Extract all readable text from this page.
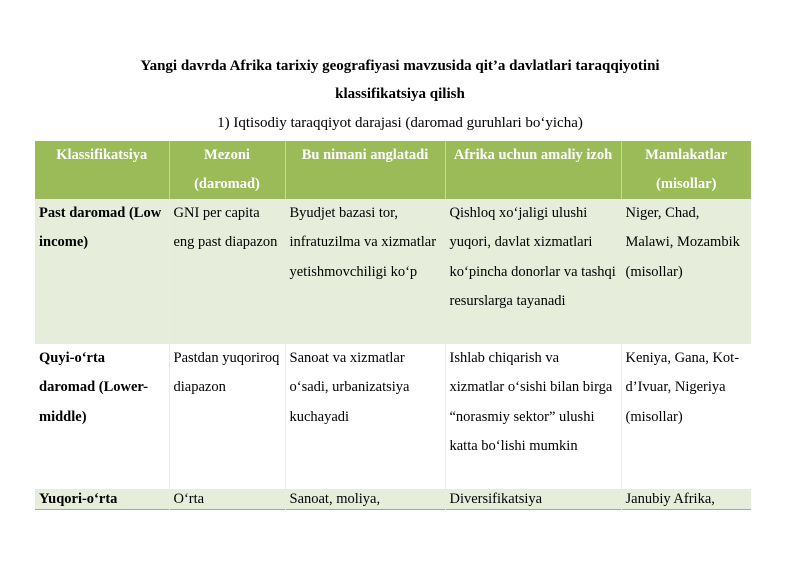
Yangi davrda Afrika tarixiy geografiyasi mavzusida qit’a davlatlari taraqqiyotini
klassifikatsiya qilish
1) Iqtisodiy taraqqiyot darajasi (daromad guruhlari bo‘yicha)
Klassifikatsiya	Mezoni (daromad)	Bu nimani anglatadi	Afrika uchun amaliy izoh	Mamlakatlar (misollar)
Past daromad (Low income)	GNI per capita eng past diapazon	Byudjet bazasi tor, infratuzilma va xizmatlar yetishmovchiligi ko‘p	Qishloq xo‘jaligi ulushi yuqori, davlat xizmatlari ko‘pincha donorlar va tashqi resurslarga tayanadi	Niger, Chad, Malawi, Mozambik (misollar)
Quyi-o‘rta daromad (Lower-middle)	Pastdan yuqoriroq diapazon	Sanoat va xizmatlar o‘sadi, urbanizatsiya kuchayadi	Ishlab chiqarish va xizmatlar o‘sishi bilan birga “norasmiy sektor” ulushi katta bo‘lishi mumkin	Keniya, Gana, Kot-d’Ivuar, Nigeriya (misollar)
Yuqori-o‘rta	O‘rta	Sanoat, moliya,	Diversifikatsiya	Janubiy Afrika,
